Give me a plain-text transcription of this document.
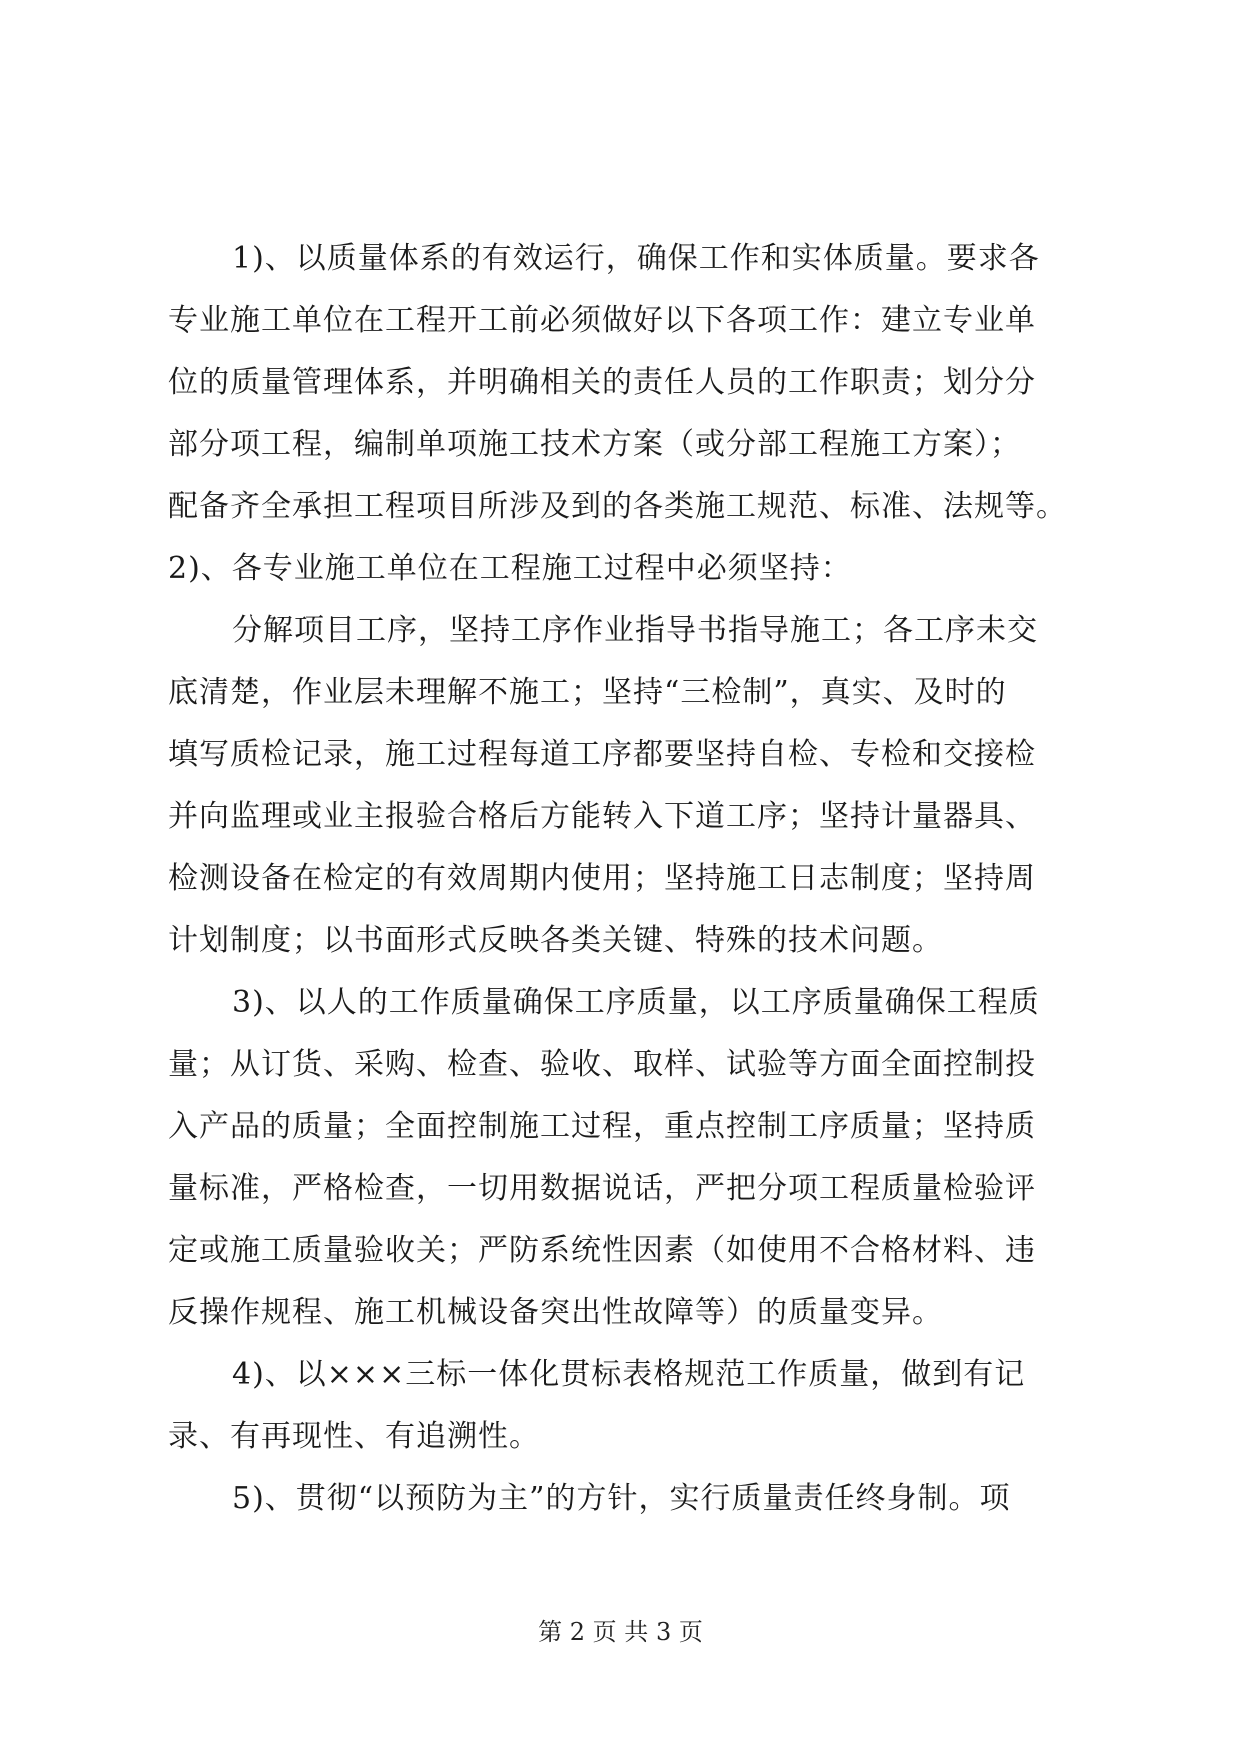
1)、以质量体系的有效运行，确保工作和实体质量。要求各
专业施工单位在工程开工前必须做好以下各项工作：建立专业单
位的质量管理体系，并明确相关的责任人员的工作职责；划分分
部分项工程，编制单项施工技术方案（或分部工程施工方案）；
配备齐全承担工程项目所涉及到的各类施工规范、标准、法规等。
2)、各专业施工单位在工程施工过程中必须坚持：
分解项目工序，坚持工序作业指导书指导施工；各工序未交
底清楚，作业层未理解不施工；坚持“三检制”，真实、及时的
填写质检记录，施工过程每道工序都要坚持自检、专检和交接检
并向监理或业主报验合格后方能转入下道工序；坚持计量器具、
检测设备在检定的有效周期内使用；坚持施工日志制度；坚持周
计划制度；以书面形式反映各类关键、特殊的技术问题。
3)、以人的工作质量确保工序质量，以工序质量确保工程质
量；从订货、采购、检查、验收、取样、试验等方面全面控制投
入产品的质量；全面控制施工过程，重点控制工序质量；坚持质
量标准，严格检查，一切用数据说话，严把分项工程质量检验评
定或施工质量验收关；严防系统性因素（如使用不合格材料、违
反操作规程、施工机械设备突出性故障等）的质量变异。
4)、以×××三标一体化贯标表格规范工作质量，做到有记
录、有再现性、有追溯性。
5)、贯彻“以预防为主”的方针，实行质量责任终身制。项
第 2 页 共 3 页
